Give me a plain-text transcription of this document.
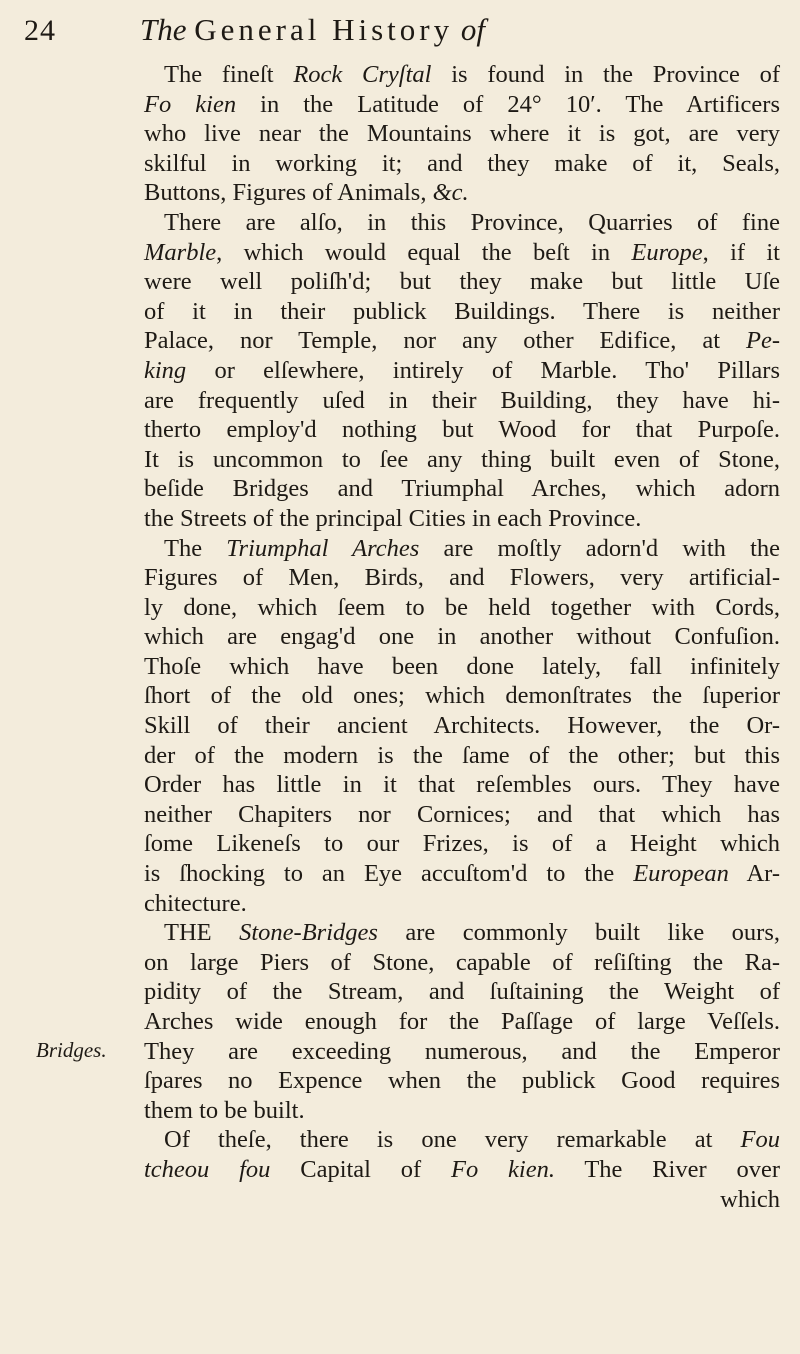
24	The General History of
Bridges.
The fineſt Rock Cryſtal is found in the Province of
Fo kien in the Latitude of 24° 10′. The Artificers
who live near the Mountains where it is got, are very
skilful in working it; and they make of it, Seals,
Buttons, Figures of Animals, &c.
There are alſo, in this Province, Quarries of fine
Marble, which would equal the beſt in Europe, if it
were well poliſh'd; but they make but little Uſe
of it in their publick Buildings. There is neither
Palace, nor Temple, nor any other Edifice, at Pe-
king or elſewhere, intirely of Marble. Tho' Pillars
are frequently uſed in their Building, they have hi-
therto employ'd nothing but Wood for that Purpoſe.
It is uncommon to ſee any thing built even of Stone,
beſide Bridges and Triumphal Arches, which adorn
the Streets of the principal Cities in each Province.
The Triumphal Arches are moſtly adorn'd with the
Figures of Men, Birds, and Flowers, very artificial-
ly done, which ſeem to be held together with Cords,
which are engag'd one in another without Confuſion.
Thoſe which have been done lately, fall infinitely
ſhort of the old ones; which demonſtrates the ſuperior
Skill of their ancient Architects. However, the Or-
der of the modern is the ſame of the other; but this
Order has little in it that reſembles ours. They have
neither Chapiters nor Cornices; and that which has
ſome Likeneſs to our Frizes, is of a Height which
is ſhocking to an Eye accuſtom'd to the European Ar-
chitecture.
THE Stone-Bridges are commonly built like ours,
on large Piers of Stone, capable of reſiſting the Ra-
pidity of the Stream, and ſuſtaining the Weight of
Arches wide enough for the Paſſage of large Veſſels.
They are exceeding numerous, and the Emperor
ſpares no Expence when the publick Good requires
them to be built.
Of theſe, there is one very remarkable at Fou
tcheou fou Capital of Fo kien. The River over
which
